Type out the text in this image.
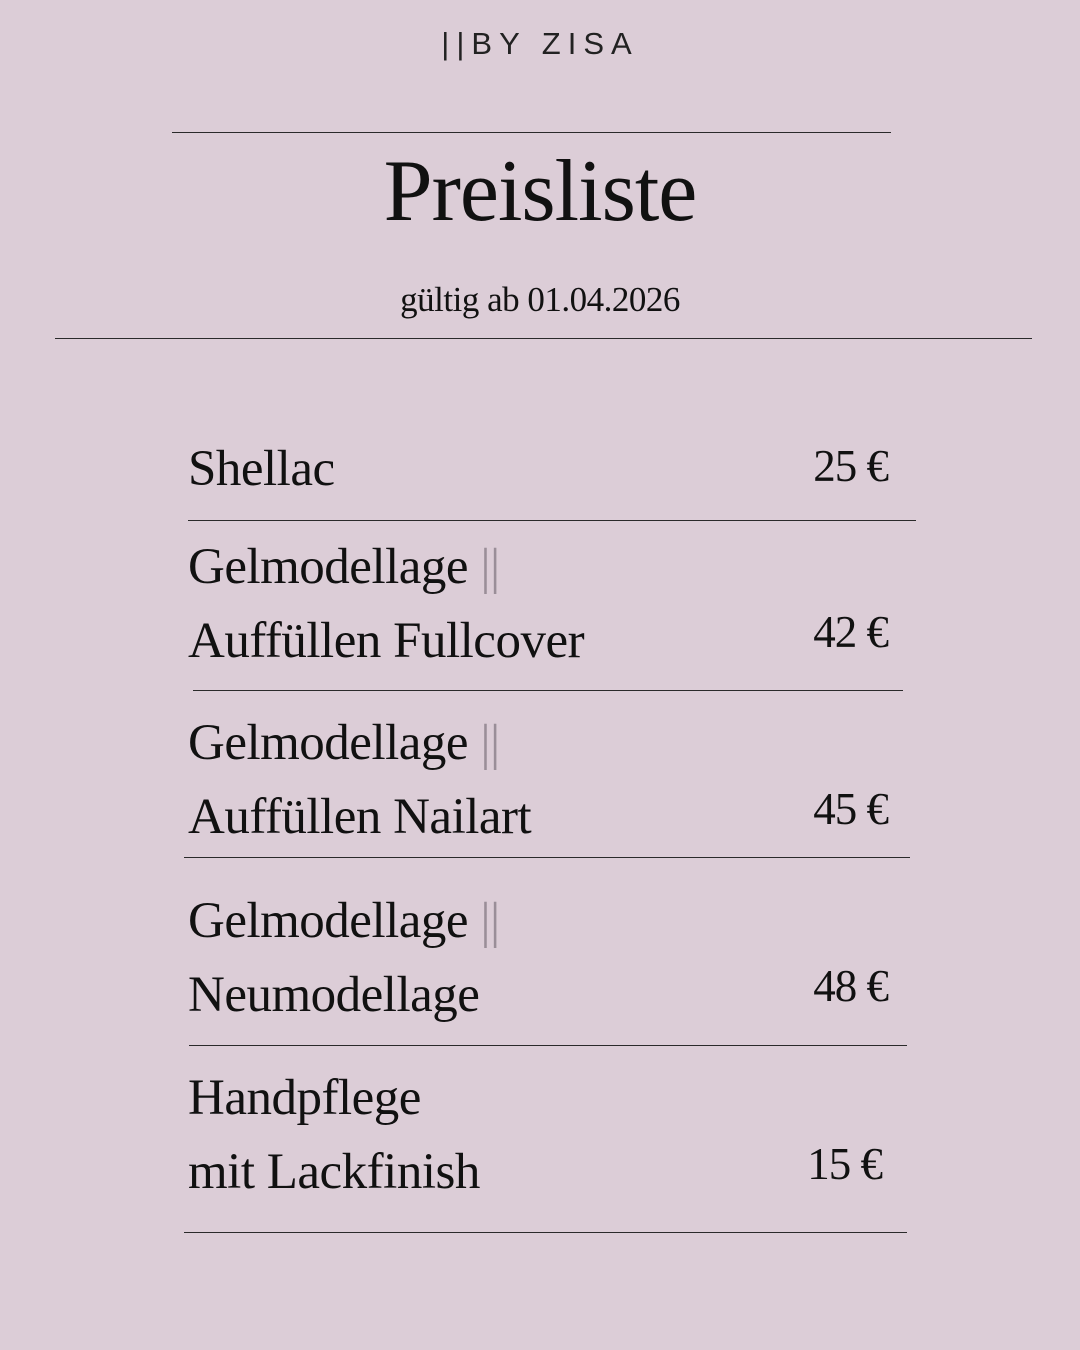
||BY ZISA
Preisliste
gültig ab 01.04.2026
Shellac	25 €
Gelmodellage ||
Auffüllen Fullcover	42 €
Gelmodellage ||
Auffüllen Nailart	45 €
Gelmodellage ||
Neumodellage	48 €
Handpflege
mit Lackfinish	15 €
